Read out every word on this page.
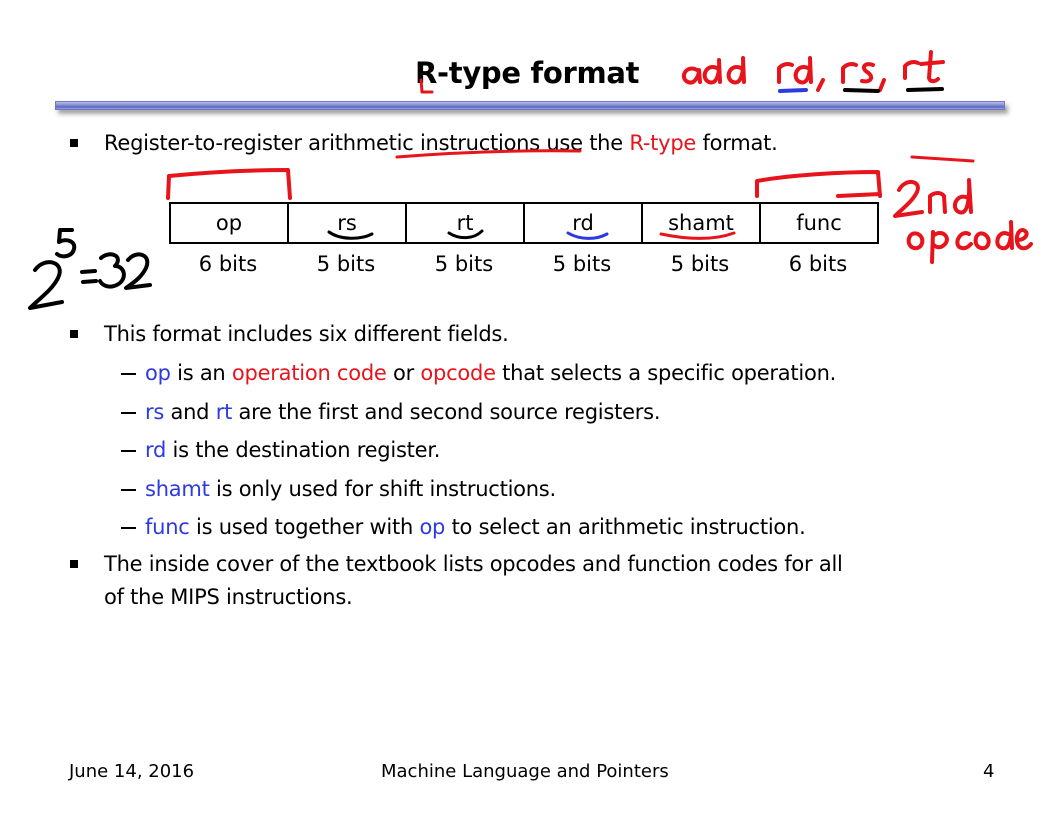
R-type format
Register-to-register arithmetic instructions use the R-type format.
op	rs	rt	rd	shamt	func
6 bits	5 bits	5 bits	5 bits	5 bits	6 bits
This format includes six different fields.
op is an operation code or opcode that selects a specific operation.
rs and rt are the first and second source registers.
rd is the destination register.
shamt is only used for shift instructions.
func is used together with op to select an arithmetic instruction.
The inside cover of the textbook lists opcodes and function codes for all
of the MIPS instructions.
June 14, 2016	Machine Language and Pointers	4
